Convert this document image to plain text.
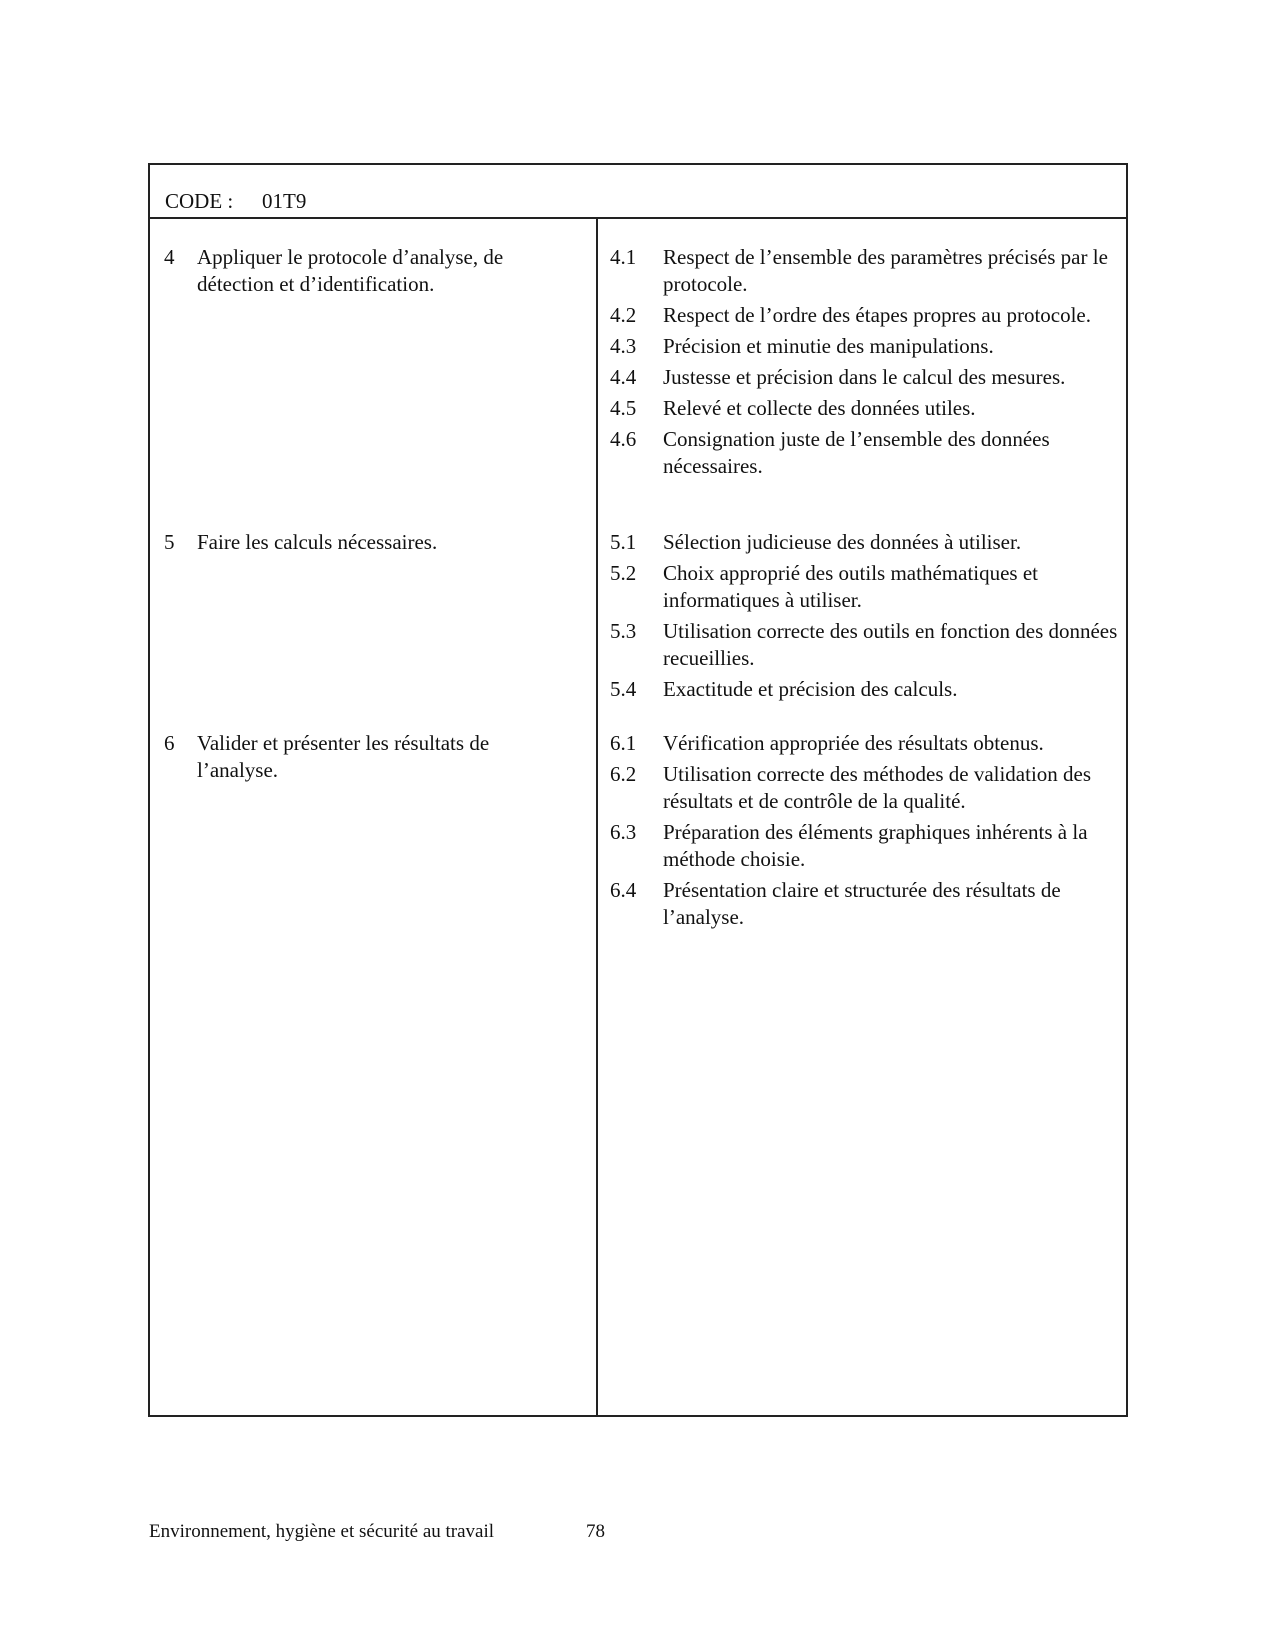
CODE : 01T9
4 Appliquer le protocole d’analyse, de détection et d’identification.
5 Faire les calculs nécessaires.
6 Valider et présenter les résultats de l’analyse.
4.1 Respect de l’ensemble des paramètres précisés par le protocole.
4.2 Respect de l’ordre des étapes propres au protocole.
4.3 Précision et minutie des manipulations.
4.4 Justesse et précision dans le calcul des mesures.
4.5 Relevé et collecte des données utiles.
4.6 Consignation juste de l’ensemble des données nécessaires.
5.1 Sélection judicieuse des données à utiliser.
5.2 Choix approprié des outils mathématiques et informatiques à utiliser.
5.3 Utilisation correcte des outils en fonction des données recueillies.
5.4 Exactitude et précision des calculs.
6.1 Vérification appropriée des résultats obtenus.
6.2 Utilisation correcte des méthodes de validation des résultats et de contrôle de la qualité.
6.3 Préparation des éléments graphiques inhérents à la méthode choisie.
6.4 Présentation claire et structurée des résultats de l’analyse.
Environnement, hygiène et sécurité au travail	78
